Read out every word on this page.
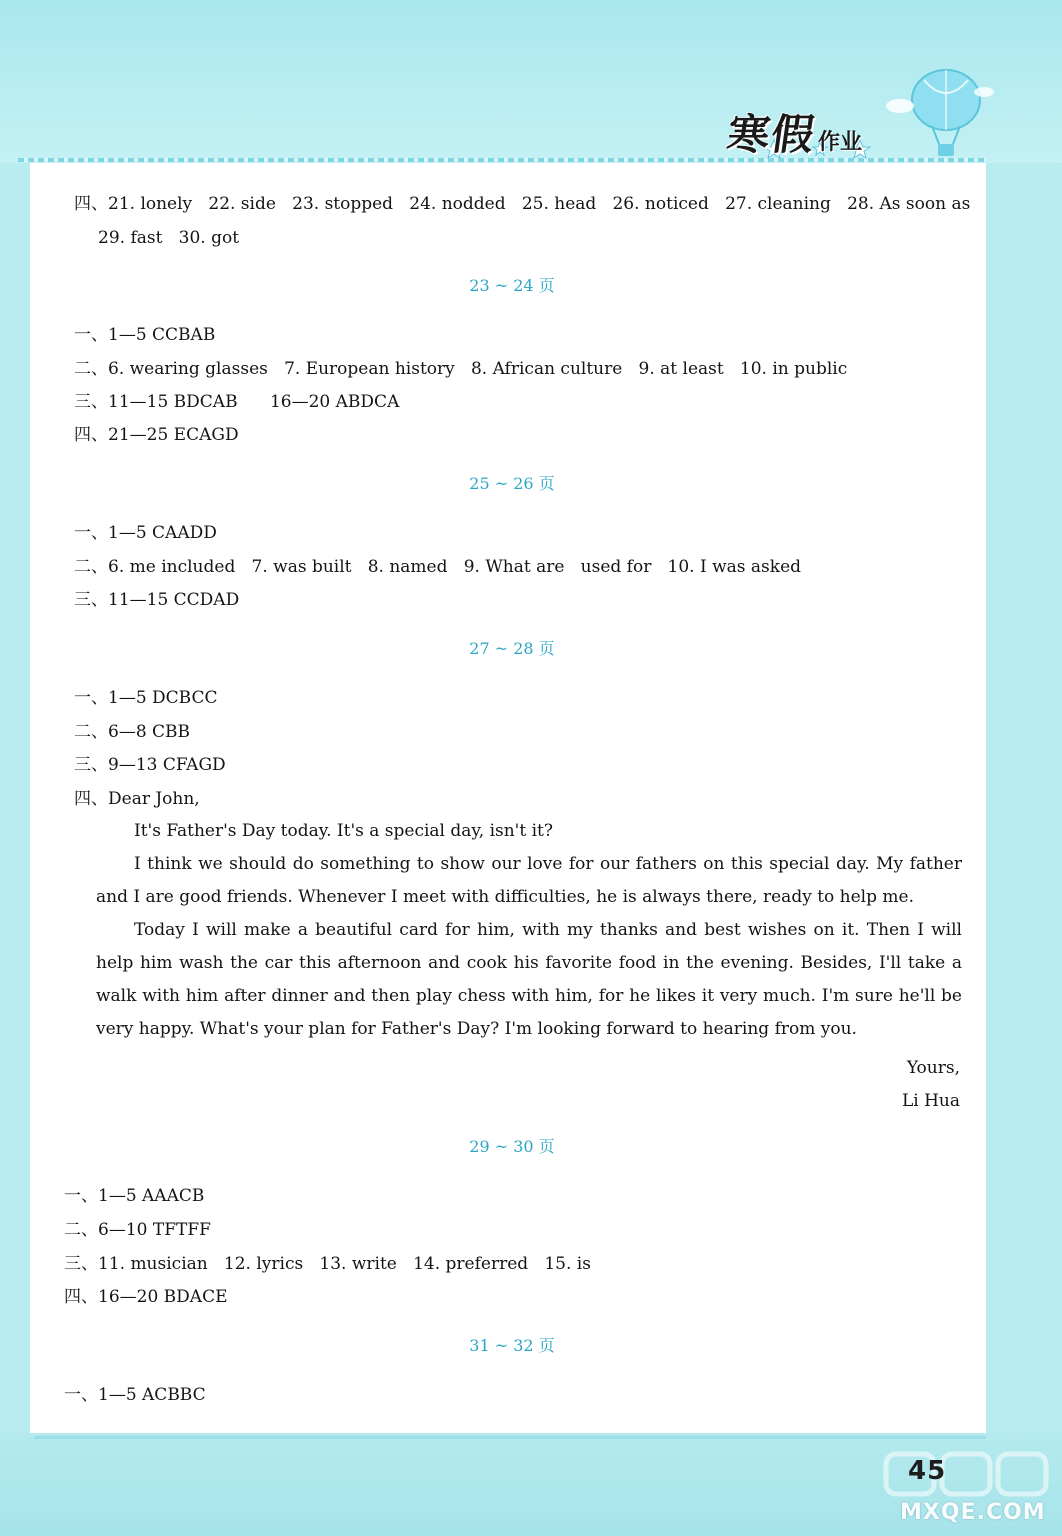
寒假
作业
四、21. lonely   22. side   23. stopped   24. nodded   25. head   26. noticed   27. cleaning   28. As soon as
29. fast   30. got
23 ~ 24 页
一、1—5 CCBAB
二、6. wearing glasses   7. European history   8. African culture   9. at least   10. in public
三、11—15 BDCAB      16—20 ABDCA
四、21—25 ECAGD
25 ~ 26 页
一、1—5 CAADD
二、6. me included   7. was built   8. named   9. What are   used for   10. I was asked
三、11—15 CCDAD
27 ~ 28 页
一、1—5 DCBCC
二、6—8 CBB
三、9—13 CFAGD
四、Dear John,
It's Father's Day today. It's a special day, isn't it?
I think we should do something to show our love for our fathers on this special day. My father and I are good friends. Whenever I meet with difficulties, he is always there, ready to help me.
Today I will make a beautiful card for him, with my thanks and best wishes on it. Then I will help him wash the car this afternoon and cook his favorite food in the evening. Besides, I'll take a walk with him after dinner and then play chess with him, for he likes it very much. I'm sure he'll be very happy. What's your plan for Father's Day? I'm looking forward to hearing from you.
Yours,
Li Hua
29 ~ 30 页
一、1—5 AAACB
二、6—10 TFTFF
三、11. musician   12. lyrics   13. write   14. preferred   15. is
四、16—20 BDACE
31 ~ 32 页
一、1—5 ACBBC
45
MXQE.COM
